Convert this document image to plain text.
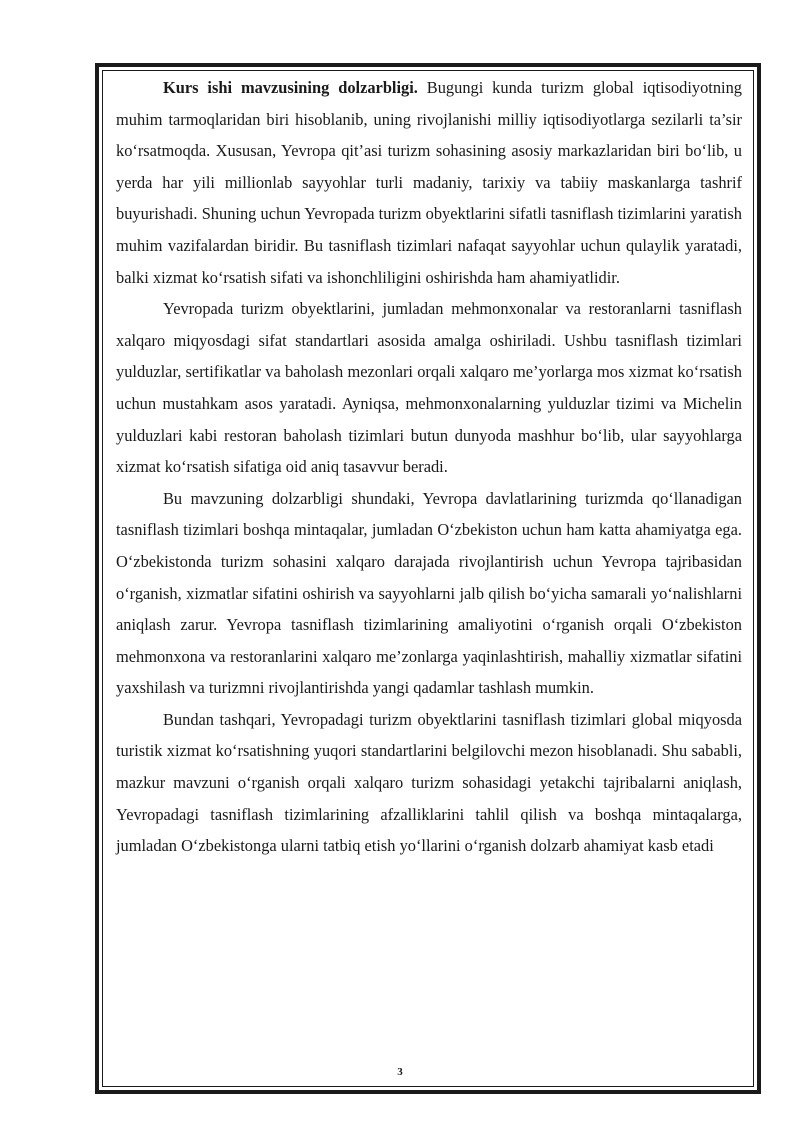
Kurs ishi mavzusining dolzarbligi. Bugungi kunda turizm global iqtisodiyotning muhim tarmoqlaridan biri hisoblanib, uning rivojlanishi milliy iqtisodiyotlarga sezilarli ta’sir ko‘rsatmoqda. Xususan, Yevropa qit’asi turizm sohasining asosiy markazlaridan biri bo‘lib, u yerda har yili millionlab sayyohlar turli madaniy, tarixiy va tabiiy maskanlarga tashrif buyurishadi. Shuning uchun Yevropada turizm obyektlarini sifatli tasniflash tizimlarini yaratish muhim vazifalardan biridir. Bu tasniflash tizimlari nafaqat sayyohlar uchun qulaylik yaratadi, balki xizmat ko‘rsatish sifati va ishonchliligini oshirishda ham ahamiyatlidir.

Yevropada turizm obyektlarini, jumladan mehmonxonalar va restoranlarni tasniflash xalqaro miqyosdagi sifat standartlari asosida amalga oshiriladi. Ushbu tasniflash tizimlari yulduzlar, sertifikatlar va baholash mezonlari orqali xalqaro me’yorlarga mos xizmat ko‘rsatish uchun mustahkam asos yaratadi. Ayniqsa, mehmonxonalarning yulduzlar tizimi va Michelin yulduzlari kabi restoran baholash tizimlari butun dunyoda mashhur bo‘lib, ular sayyohlarga xizmat ko‘rsatish sifatiga oid aniq tasavvur beradi.

Bu mavzuning dolzarbligi shundaki, Yevropa davlatlarining turizmda qo‘llanadigan tasniflash tizimlari boshqa mintaqalar, jumladan O‘zbekiston uchun ham katta ahamiyatga ega. O‘zbekistonda turizm sohasini xalqaro darajada rivojlantirish uchun Yevropa tajribasidan o‘rganish, xizmatlar sifatini oshirish va sayyohlarni jalb qilish bo‘yicha samarali yo‘nalishlarni aniqlash zarur. Yevropa tasniflash tizimlarining amaliyotini o‘rganish orqali O‘zbekiston mehmonxona va restoranlarini xalqaro me’zonlarga yaqinlashtirish, mahalliy xizmatlar sifatini yaxshilash va turizmni rivojlantirishda yangi qadamlar tashlash mumkin.

Bundan tashqari, Yevropadagi turizm obyektlarini tasniflash tizimlari global miqyosda turistik xizmat ko‘rsatishning yuqori standartlarini belgilovchi mezon hisoblanadi. Shu sababli, mazkur mavzuni o‘rganish orqali xalqaro turizm sohasidagi yetakchi tajribalarni aniqlash, Yevropadagi tasniflash tizimlarining afzalliklarini tahlil qilish va boshqa mintaqalarga, jumladan O‘zbekistonga ularni tatbiq etish yo‘llarini o‘rganish dolzarb ahamiyat kasb etadi

3
